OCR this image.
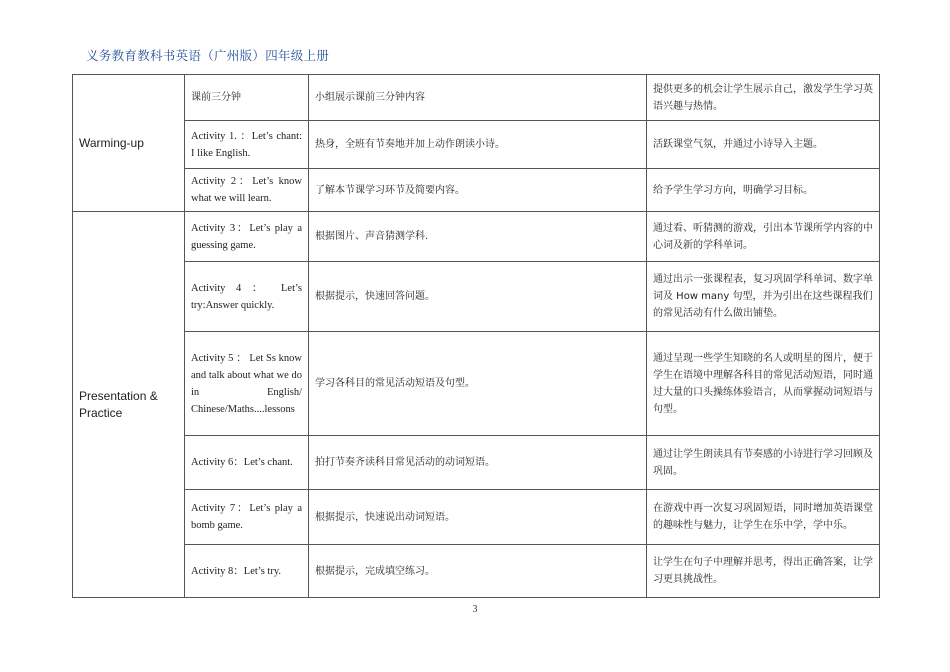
义务教育教科书英语（广州版）四年级上册
Warming-up	课前三分钟	小组展示课前三分钟内容	提供更多的机会让学生展示自己，激发学生学习英语兴趣与热情。
	Activity 1. ：Let’s chant: I like English.	热身，全班有节奏地并加上动作朗读小诗。	活跃课堂气氛，并通过小诗导入主题。
	Activity 2：Let’s know what we will learn.	了解本节课学习环节及简要内容。	给予学生学习方向，明确学习目标。
Presentation & Practice	Activity 3：Let’s play a guessing game.	根据图片、声音猜测学科.	通过看、听猜测的游戏，引出本节课所学内容的中心词及新的学科单词。
	Activity 4 ： Let’s try:Answer quickly.	根据提示，快速回答问题。	通过出示一张课程表，复习巩固学科单词、数字单词及 How many 句型，并为引出在这些课程我们的常见活动有什么做出铺垫。
	Activity 5 ： Let Ss know and talk about what we do in English/ Chinese/Maths....lessons	学习各科目的常见活动短语及句型。	通过呈现一些学生知晓的名人或明星的图片，便于学生在语境中理解各科目的常见活动短语，同时通过大量的口头操练体验语言，从而掌握动词短语与句型。
	Activity 6：Let’s chant.	拍打节奏齐读科目常见活动的动词短语。	通过让学生朗读具有节奏感的小诗进行学习回顾及巩固。
	Activity 7：Let’s play a bomb game.	根据提示，快速说出动词短语。	在游戏中再一次复习巩固短语，同时增加英语课堂的趣味性与魅力，让学生在乐中学，学中乐。
	Activity 8：Let’s try.	根据提示，完成填空练习。	让学生在句子中理解并思考，得出正确答案，让学习更具挑战性。
3
